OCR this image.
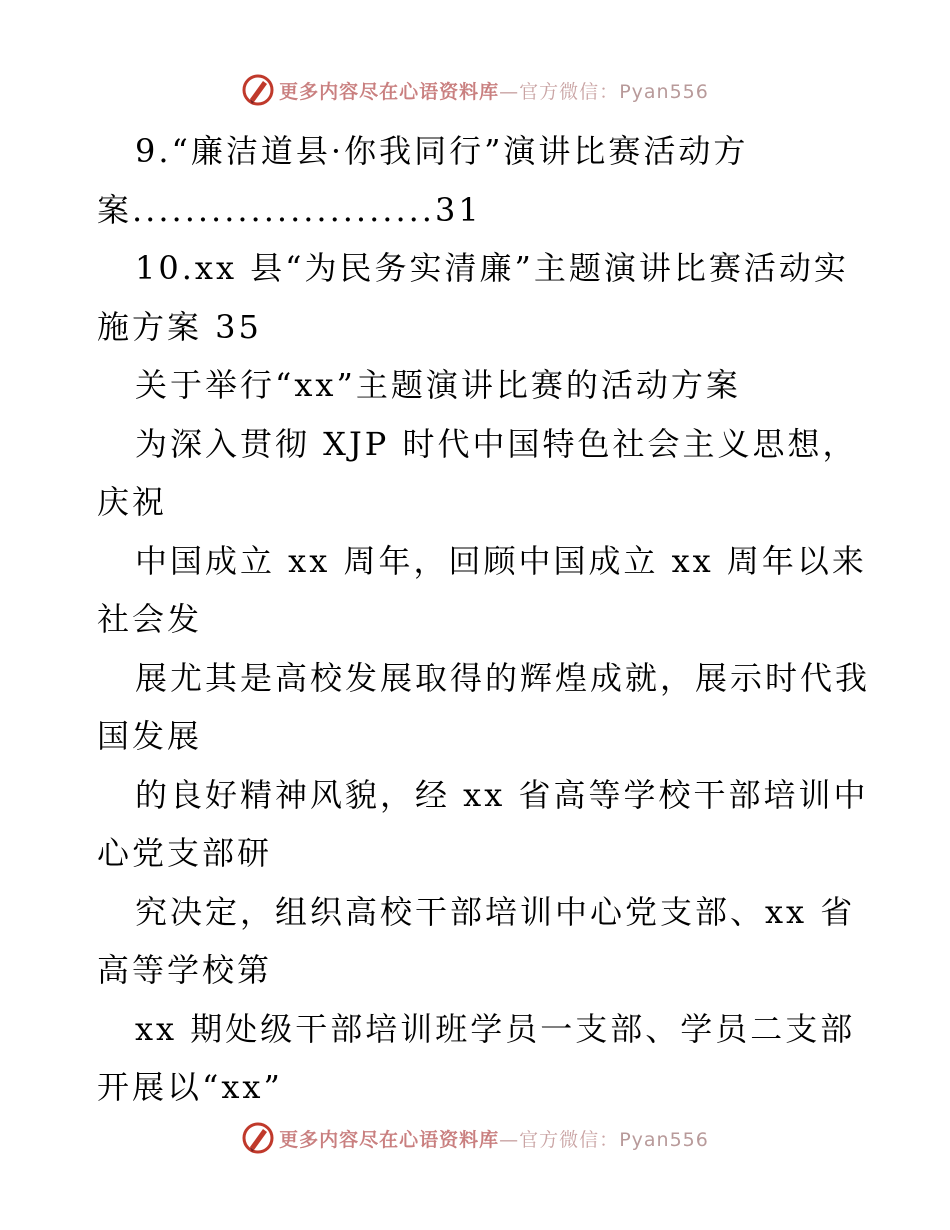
更多内容尽在心语资料库—官方微信：Pyan556
9.“廉洁道县·你我同行”演讲比赛活动方
案.......................31
10.xx 县“为民务实清廉”主题演讲比赛活动实
施方案 35
关于举行“xx”主题演讲比赛的活动方案
为深入贯彻 XJP 时代中国特色社会主义思想，
庆祝
中国成立 xx 周年，回顾中国成立 xx 周年以来
社会发
展尤其是高校发展取得的辉煌成就，展示时代我
国发展
的良好精神风貌，经 xx 省高等学校干部培训中
心党支部研
究决定，组织高校干部培训中心党支部、xx 省
高等学校第
xx 期处级干部培训班学员一支部、学员二支部
开展以“xx”
更多内容尽在心语资料库—官方微信：Pyan556
